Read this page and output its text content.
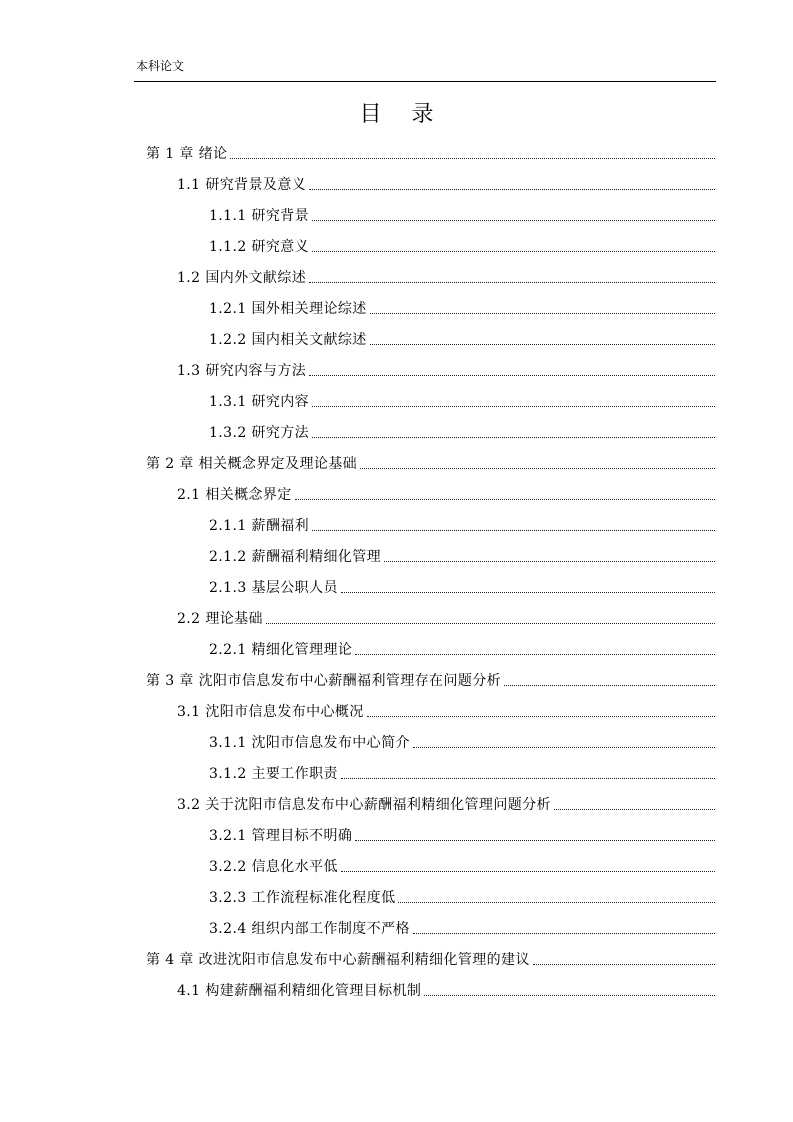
本科论文
目录
第 1 章 绪论
1.1 研究背景及意义
1.1.1 研究背景
1.1.2 研究意义
1.2 国内外文献综述
1.2.1 国外相关理论综述
1.2.2 国内相关文献综述
1.3 研究内容与方法
1.3.1 研究内容
1.3.2 研究方法
第 2 章 相关概念界定及理论基础
2.1 相关概念界定
2.1.1 薪酬福利
2.1.2 薪酬福利精细化管理
2.1.3 基层公职人员
2.2 理论基础
2.2.1 精细化管理理论
第 3 章 沈阳市信息发布中心薪酬福利管理存在问题分析
3.1 沈阳市信息发布中心概况
3.1.1 沈阳市信息发布中心简介
3.1.2 主要工作职责
3.2 关于沈阳市信息发布中心薪酬福利精细化管理问题分析
3.2.1 管理目标不明确
3.2.2 信息化水平低
3.2.3 工作流程标准化程度低
3.2.4 组织内部工作制度不严格
第 4 章 改进沈阳市信息发布中心薪酬福利精细化管理的建议
4.1 构建薪酬福利精细化管理目标机制
